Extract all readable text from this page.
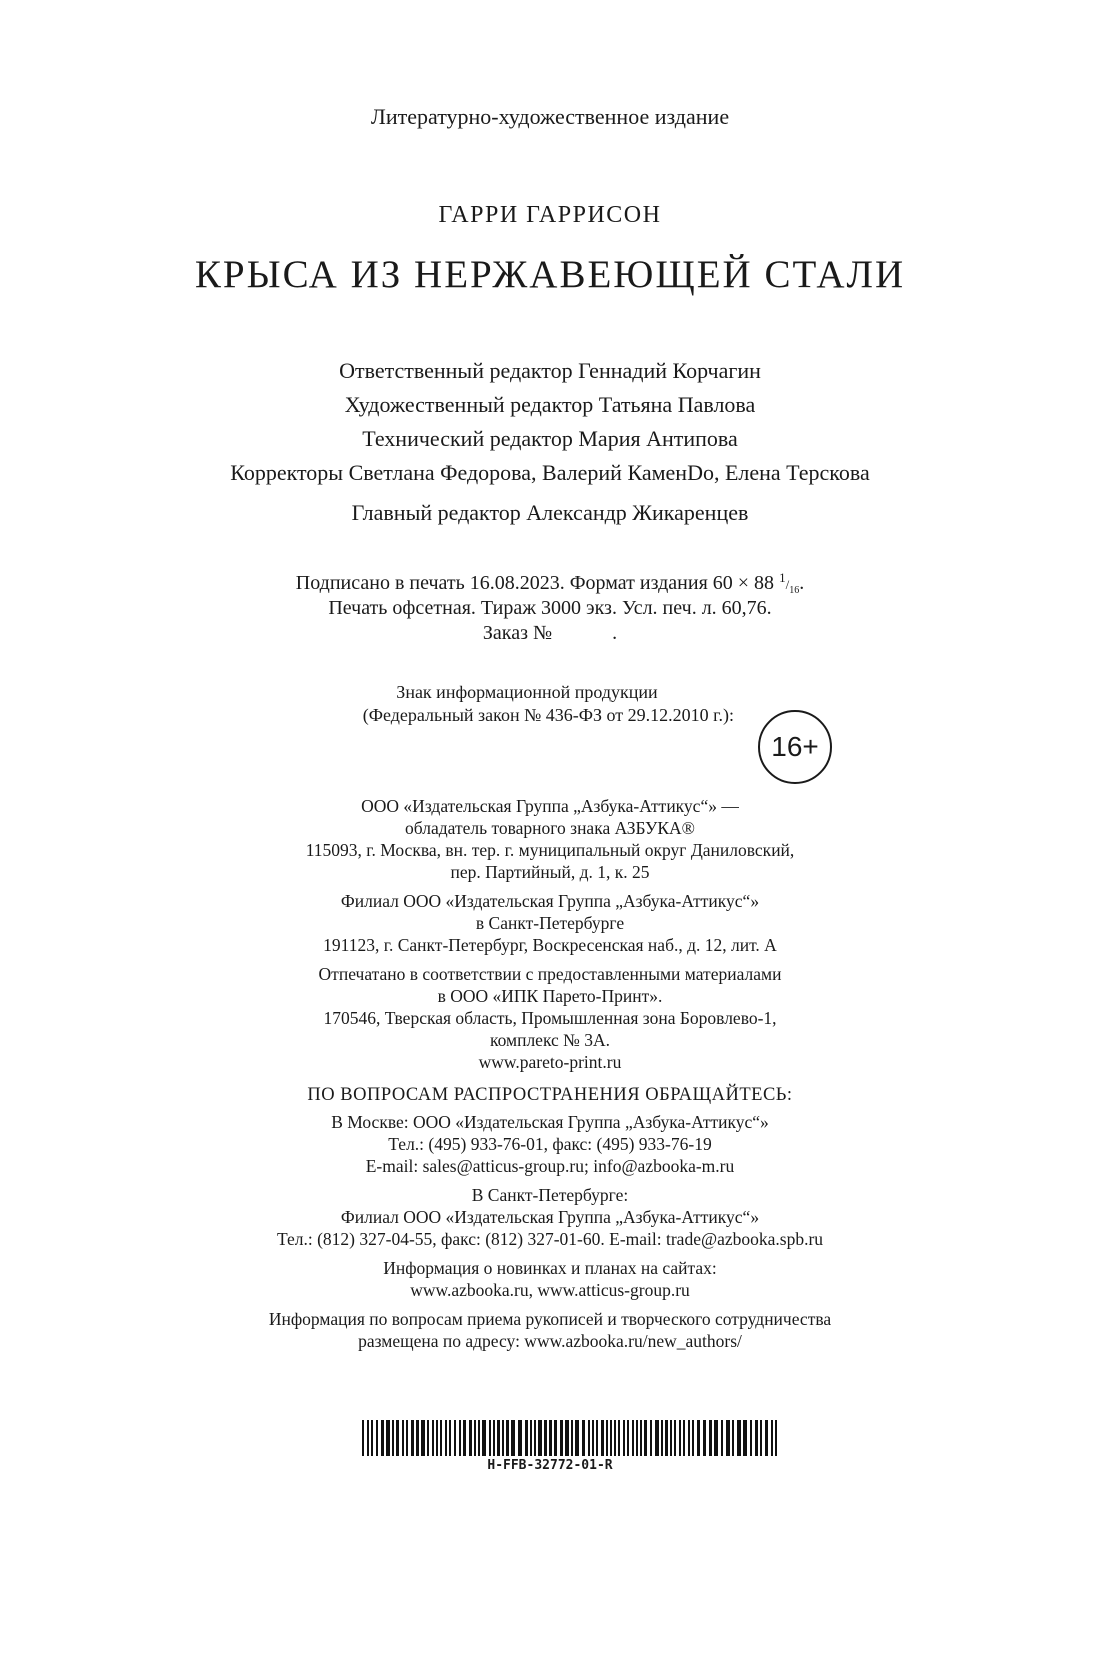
Литературно-художественное издание
ГАРРИ ГАРРИСОН
КРЫСА ИЗ НЕРЖАВЕЮЩЕЙ СТАЛИ
Ответственный редактор Геннадий Корчагин
Художественный редактор Татьяна Павлова
Технический редактор Мария Антипова
Корректоры Светлана Федорова, Валерий КаменDо, Елена Терскова
Главный редактор Александр Жикаренцев
Подписано в печать 16.08.2023. Формат издания 60 × 88 $1/_{16}$.
Печать офсетная. Тираж 3000 экз. Усл. печ. л. 60,76.
Заказ №            .
Знак информационной продукции
(Федеральный закон № 436-ФЗ от 29.12.2010 г.):
16+
ООО «Издательская Группа „Азбука-Аттикус“» —
обладатель товарного знака АЗБУКА®
115093, г. Москва, вн. тер. г. муниципальный округ Даниловский,
пер. Партийный, д. 1, к. 25
Филиал ООО «Издательская Группа „Азбука-Аттикус“»
в Санкт-Петербурге
191123, г. Санкт-Петербург, Воскресенская наб., д. 12, лит. А
Отпечатано в соответствии с предоставленными материалами
в ООО «ИПК Парето-Принт».
170546, Тверская область, Промышленная зона Боровлево-1,
комплекс № 3А.
www.pareto-print.ru
ПО ВОПРОСАМ РАСПРОСТРАНЕНИЯ ОБРАЩАЙТЕСЬ:
В Москве: ООО «Издательская Группа „Азбука-Аттикус“»
Тел.: (495) 933-76-01, факс: (495) 933-76-19
E-mail: sales@atticus-group.ru; info@azbooka-m.ru
В Санкт-Петербурге:
Филиал ООО «Издательская Группа „Азбука-Аттикус“»
Тел.: (812) 327-04-55, факс: (812) 327-01-60. E-mail: trade@azbooka.spb.ru
Информация о новинках и планах на сайтах:
www.azbooka.ru, www.atticus-group.ru
Информация по вопросам приема рукописей и творческого сотрудничества
размещена по адресу: www.azbooka.ru/new_authors/
H-FFB-32772-01-R
